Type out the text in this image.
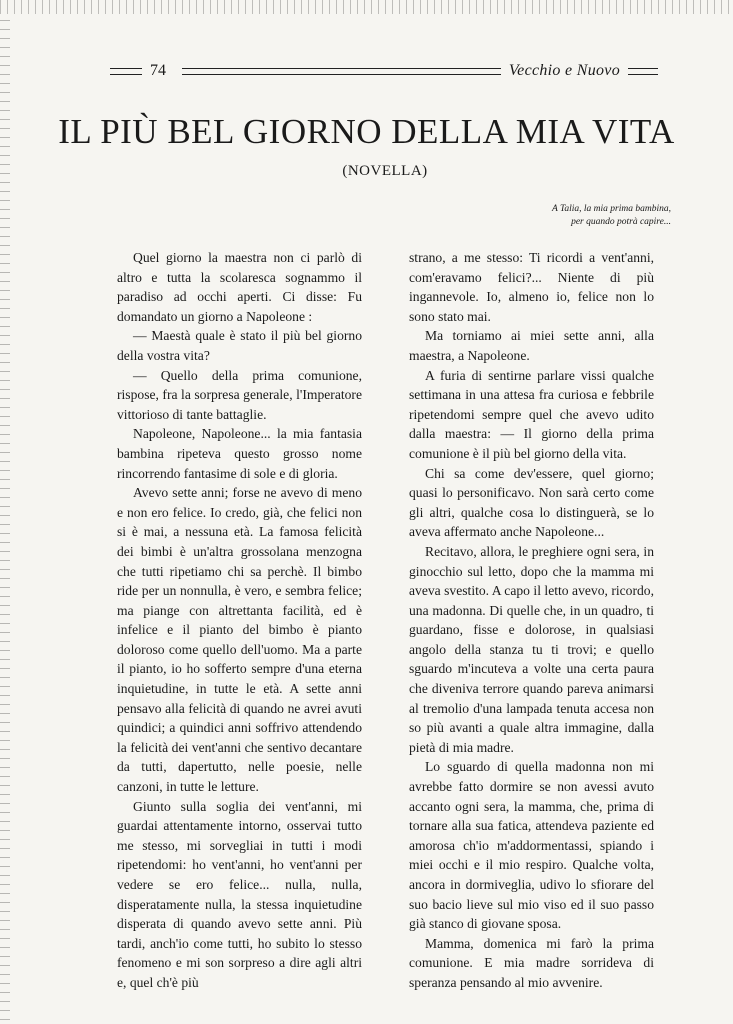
74	Vecchio e Nuovo
IL PIÙ BEL GIORNO DELLA MIA VITA
(NOVELLA)
A Talia, la mia prima bambina,
per quando potrà capire...

Quel giorno la maestra non ci parlò di altro e tutta la scolaresca sognammo il paradiso ad occhi aperti. Ci disse: Fu domandato un giorno a Napoleone :

— Maestà quale è stato il più bel giorno della vostra vita?

— Quello della prima comunione, rispose, fra la sorpresa generale, l'Imperatore vittorioso di tante battaglie.

Napoleone, Napoleone... la mia fantasia bambina ripeteva questo grosso nome rincorrendo fantasime di sole e di gloria.

Avevo sette anni; forse ne avevo di meno e non ero felice. Io credo, già, che felici non si è mai, a nessuna età. La famosa felicità dei bimbi è un'altra grossolana menzogna che tutti ripetiamo chi sa perchè. Il bimbo ride per un nonnulla, è vero, e sembra felice; ma piange con altrettanta facilità, ed è infelice e il pianto del bimbo è pianto doloroso come quello dell'uomo. Ma a parte il pianto, io ho sofferto sempre d'una eterna inquietudine, in tutte le età. A sette anni pensavo alla felicità di quando ne avrei avuti quindici; a quindici anni soffrivo attendendo la felicità dei vent'anni che sentivo decantare da tutti, dapertutto, nelle poesie, nelle canzoni, in tutte le letture.

Giunto sulla soglia dei vent'anni, mi guardai attentamente intorno, osservai tutto me stesso, mi sorvegliai in tutti i modi ripetendomi: ho vent'anni, ho vent'anni per vedere se ero felice... nulla, nulla, disperatamente nulla, la stessa inquietudine disperata di quando avevo sette anni. Più tardi, anch'io come tutti, ho subito lo stesso fenomeno e mi son sorpreso a dire agli altri e, quel ch'è più

strano, a me stesso: Ti ricordi a vent'anni, com'eravamo felici?... Niente di più ingannevole. Io, almeno io, felice non lo sono stato mai.

Ma torniamo ai miei sette anni, alla maestra, a Napoleone.

A furia di sentirne parlare vissi qualche settimana in una attesa fra curiosa e febbrile ripetendomi sempre quel che avevo udito dalla maestra: — Il giorno della prima comunione è il più bel giorno della vita.

Chi sa come dev'essere, quel giorno; quasi lo personificavo. Non sarà certo come gli altri, qualche cosa lo distinguerà, se lo aveva affermato anche Napoleone...

Recitavo, allora, le preghiere ogni sera, in ginocchio sul letto, dopo che la mamma mi aveva svestito. A capo il letto avevo, ricordo, una madonna. Di quelle che, in un quadro, ti guardano, fisse e dolorose, in qualsiasi angolo della stanza tu ti trovi; e quello sguardo m'incuteva a volte una certa paura che diveniva terrore quando pareva animarsi al tremolio d'una lampada tenuta accesa non so più avanti a quale altra immagine, dalla pietà di mia madre.

Lo sguardo di quella madonna non mi avrebbe fatto dormire se non avessi avuto accanto ogni sera, la mamma, che, prima di tornare alla sua fatica, attendeva paziente ed amorosa ch'io m'addormentassi, spiando i miei occhi e il mio respiro. Qualche volta, ancora in dormiveglia, udivo lo sfiorare del suo bacio lieve sul mio viso ed il suo passo già stanco di giovane sposa.

Mamma, domenica mi farò la prima comunione. E mia madre sorrideva di speranza pensando al mio avvenire.
